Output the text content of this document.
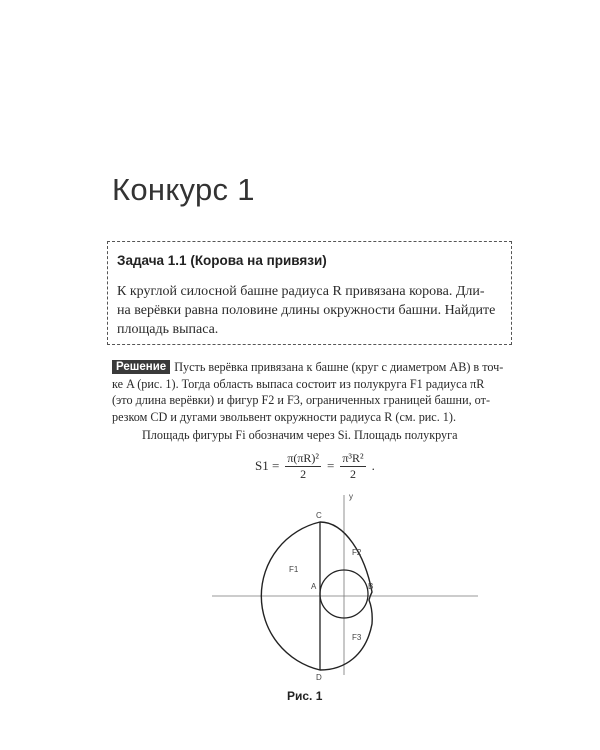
Конкурс 1
Задача 1.1 (Корова на привязи)
К круглой силосной башне радиуса R привязана корова. Дли-
на верёвки равна половине длины окружности башни. Найдите
площадь выпаса.
Решение Пусть верёвка привязана к башне (круг с диаметром AB) в точ-
ке A (рис. 1). Тогда область выпаса состоит из полукруга F1 радиуса πR
(это длина верёвки) и фигур F2 и F3, ограниченных границей башни, от-
резком CD и дугами эвольвент окружности радиуса R (см. рис. 1).
Площадь фигуры Fi обозначим через Si. Площадь полукруга
$S1 = \frac{\text{π(πR)²}}{2} = \frac{\text{π³R²}}{2}$ .
y
C
D
A	B
F1
F2
F3
Рис. 1
